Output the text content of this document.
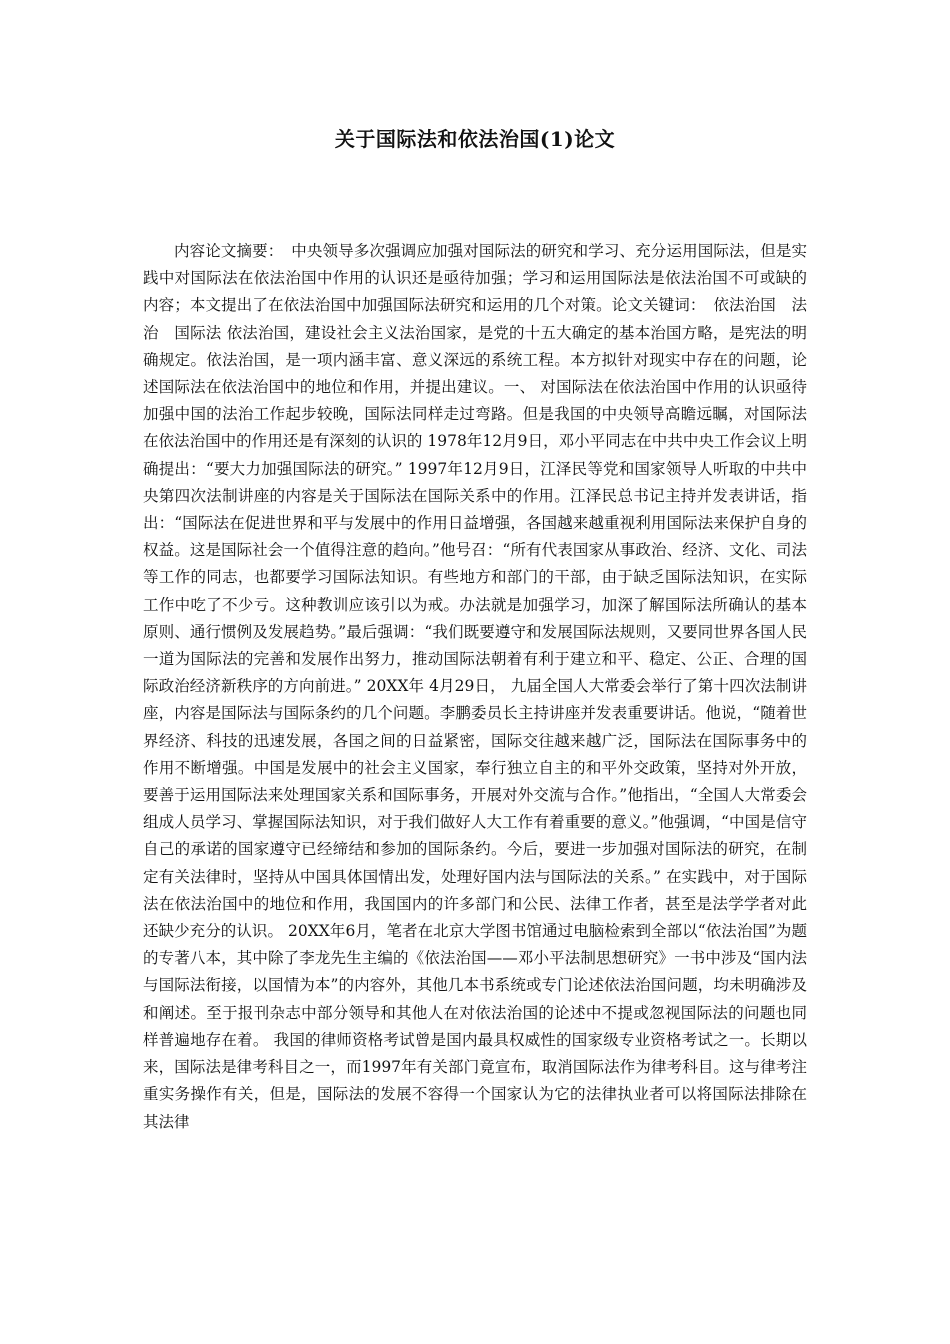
关于国际法和依法治国(1)论文

内容论文摘要：　中央领导多次强调应加强对国际法的研究和学习、充分运用国际法，但是实践中对国际法在依法治国中作用的认识还是亟待加强；学习和运用国际法是依法治国不可或缺的内容；本文提出了在依法治国中加强国际法研究和运用的几个对策。论文关键词：　依法治国　法治　国际法 依法治国，建设社会主义法治国家，是党的十五大确定的基本治国方略，是宪法的明确规定。依法治国，是一项内涵丰富、意义深远的系统工程。本方拟针对现实中存在的问题，论述国际法在依法治国中的地位和作用，并提出建议。一、 对国际法在依法治国中作用的认识亟待加强中国的法治工作起步较晚，国际法同样走过弯路。但是我国的中央领导高瞻远瞩，对国际法在依法治国中的作用还是有深刻的认识的 1978年12月9日，邓小平同志在中共中央工作会议上明确提出：“要大力加强国际法的研究。” 1997年12月9日，江泽民等党和国家领导人听取的中共中央第四次法制讲座的内容是关于国际法在国际关系中的作用。江泽民总书记主持并发表讲话，指出：“国际法在促进世界和平与发展中的作用日益增强，各国越来越重视利用国际法来保护自身的权益。这是国际社会一个值得注意的趋向。”他号召：“所有代表国家从事政治、经济、文化、司法等工作的同志，也都要学习国际法知识。有些地方和部门的干部，由于缺乏国际法知识，在实际工作中吃了不少亏。这种教训应该引以为戒。办法就是加强学习，加深了解国际法所确认的基本原则、通行惯例及发展趋势。”最后强调：“我们既要遵守和发展国际法规则，又要同世界各国人民一道为国际法的完善和发展作出努力，推动国际法朝着有利于建立和平、稳定、公正、合理的国际政治经济新秩序的方向前进。” 20XX年 4月29日， 九届全国人大常委会举行了第十四次法制讲座，内容是国际法与国际条约的几个问题。李鹏委员长主持讲座并发表重要讲话。他说，“随着世界经济、科技的迅速发展，各国之间的日益紧密，国际交往越来越广泛，国际法在国际事务中的作用不断增强。中国是发展中的社会主义国家，奉行独立自主的和平外交政策，坚持对外开放，要善于运用国际法来处理国家关系和国际事务，开展对外交流与合作。”他指出，“全国人大常委会组成人员学习、掌握国际法知识，对于我们做好人大工作有着重要的意义。”他强调，“中国是信守自己的承诺的国家遵守已经缔结和参加的国际条约。今后，要进一步加强对国际法的研究，在制定有关法律时，坚持从中国具体国情出发，处理好国内法与国际法的关系。” 在实践中，对于国际法在依法治国中的地位和作用，我国国内的许多部门和公民、法律工作者，甚至是法学学者对此还缺少充分的认识。 20XX年6月，笔者在北京大学图书馆通过电脑检索到全部以“依法治国”为题的专著八本，其中除了李龙先生主编的《依法治国——邓小平法制思想研究》一书中涉及“国内法与国际法衔接，以国情为本”的内容外，其他几本书系统或专门论述依法治国问题，均未明确涉及和阐述。至于报刊杂志中部分领导和其他人在对依法治国的论述中不提或忽视国际法的问题也同样普遍地存在着。 我国的律师资格考试曾是国内最具权威性的国家级专业资格考试之一。长期以来，国际法是律考科目之一，而1997年有关部门竟宣布，取消国际法作为律考科目。这与律考注重实务操作有关，但是，国际法的发展不容得一个国家认为它的法律执业者可以将国际法排除在其法律
